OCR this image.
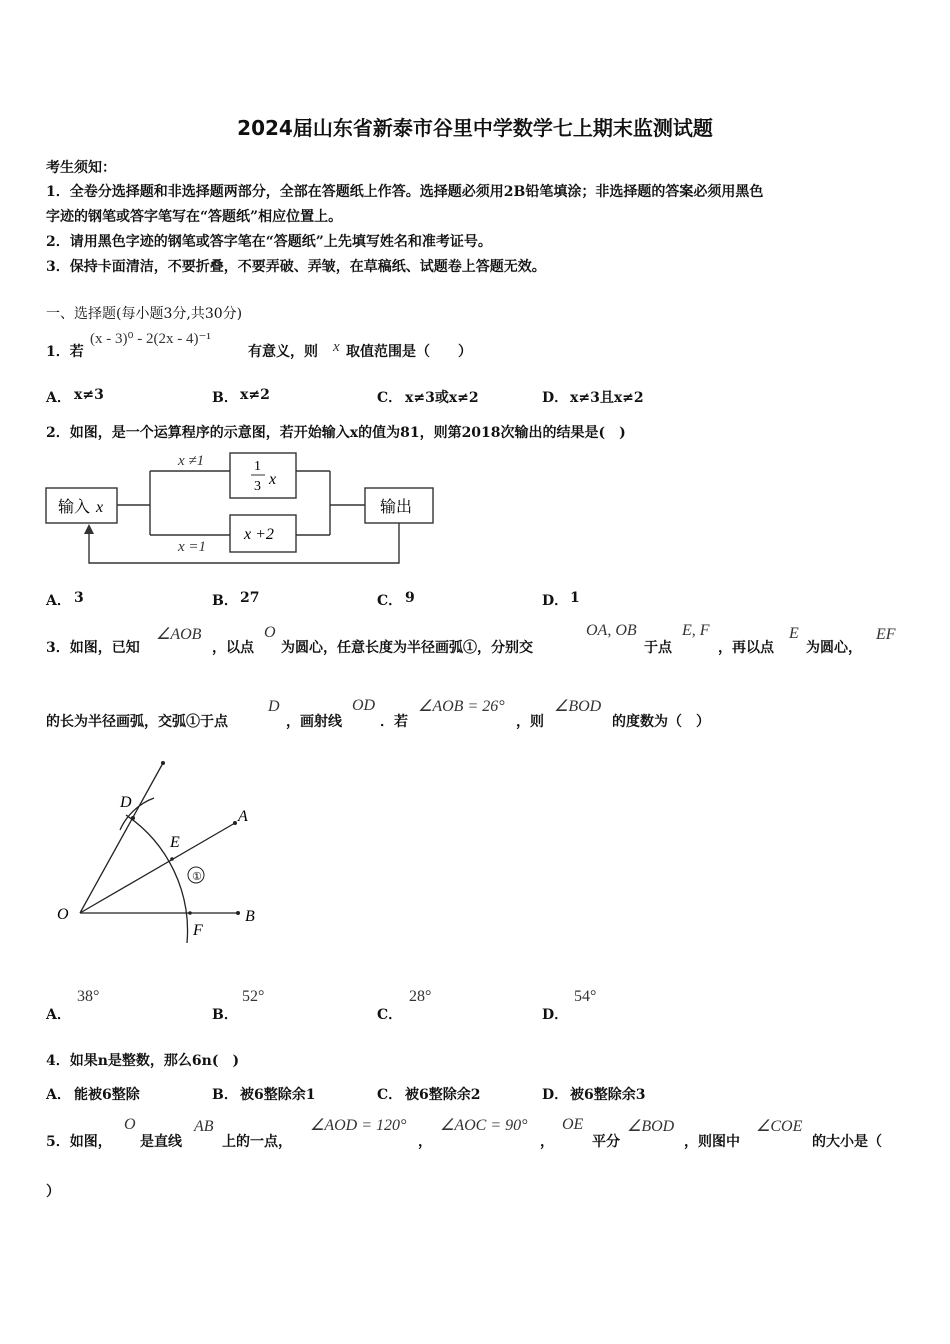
2024届山东省新泰市谷里中学数学七上期末监测试题
考生须知：
1．全卷分选择题和非选择题两部分，全部在答题纸上作答。选择题必须用2B铅笔填涂；非选择题的答案必须用黑色
字迹的钢笔或答字笔写在“答题纸”相应位置上。
2．请用黑色字迹的钢笔或答字笔在“答题纸”上先填写姓名和准考证号。
3．保持卡面清洁，不要折叠，不要弄破、弄皱，在草稿纸、试题卷上答题无效。
一、选择题(每小题3分,共30分)
1．若
(x - 3)⁰ - 2(2x - 4)⁻¹
有意义，则 x 取值范围是（　　）
A． x≠3	B． x≠2	C． x≠3或x≠2	D． x≠3且x≠2
2．如图，是一个运算程序的示意图，若开始输入x的值为81，则第2018次输出的结果是(　)
输入 x
x ≠1
x =1
1
3 x
x +2
输出
A． 3	B． 27	C． 9	D． 1
3．如图，已知
∠AOB
，以点
O
为圆心，任意长度为半径画弧①，分别交
OA, OB
于点
E, F
，再以点
E
为圆心，
EF
的长为半径画弧，交弧①于点
D
，画射线
OD
．若
∠AOB = 26°
，则
∠BOD
的度数为（　）
D
E
A
O	B
F
①
A．
38°
B．
52°
C．
28°
D．
54°
4．如果n是整数，那么6n(　)
A． 能被6整除	B． 被6整除余1	C． 被6整除余2	D． 被6整除余3
5．如图，
O
是直线
AB
上的一点，
∠AOD = 120°
，
∠AOC = 90°
，
OE
平分
∠BOD
，则图中
∠COE
的大小是（
）
